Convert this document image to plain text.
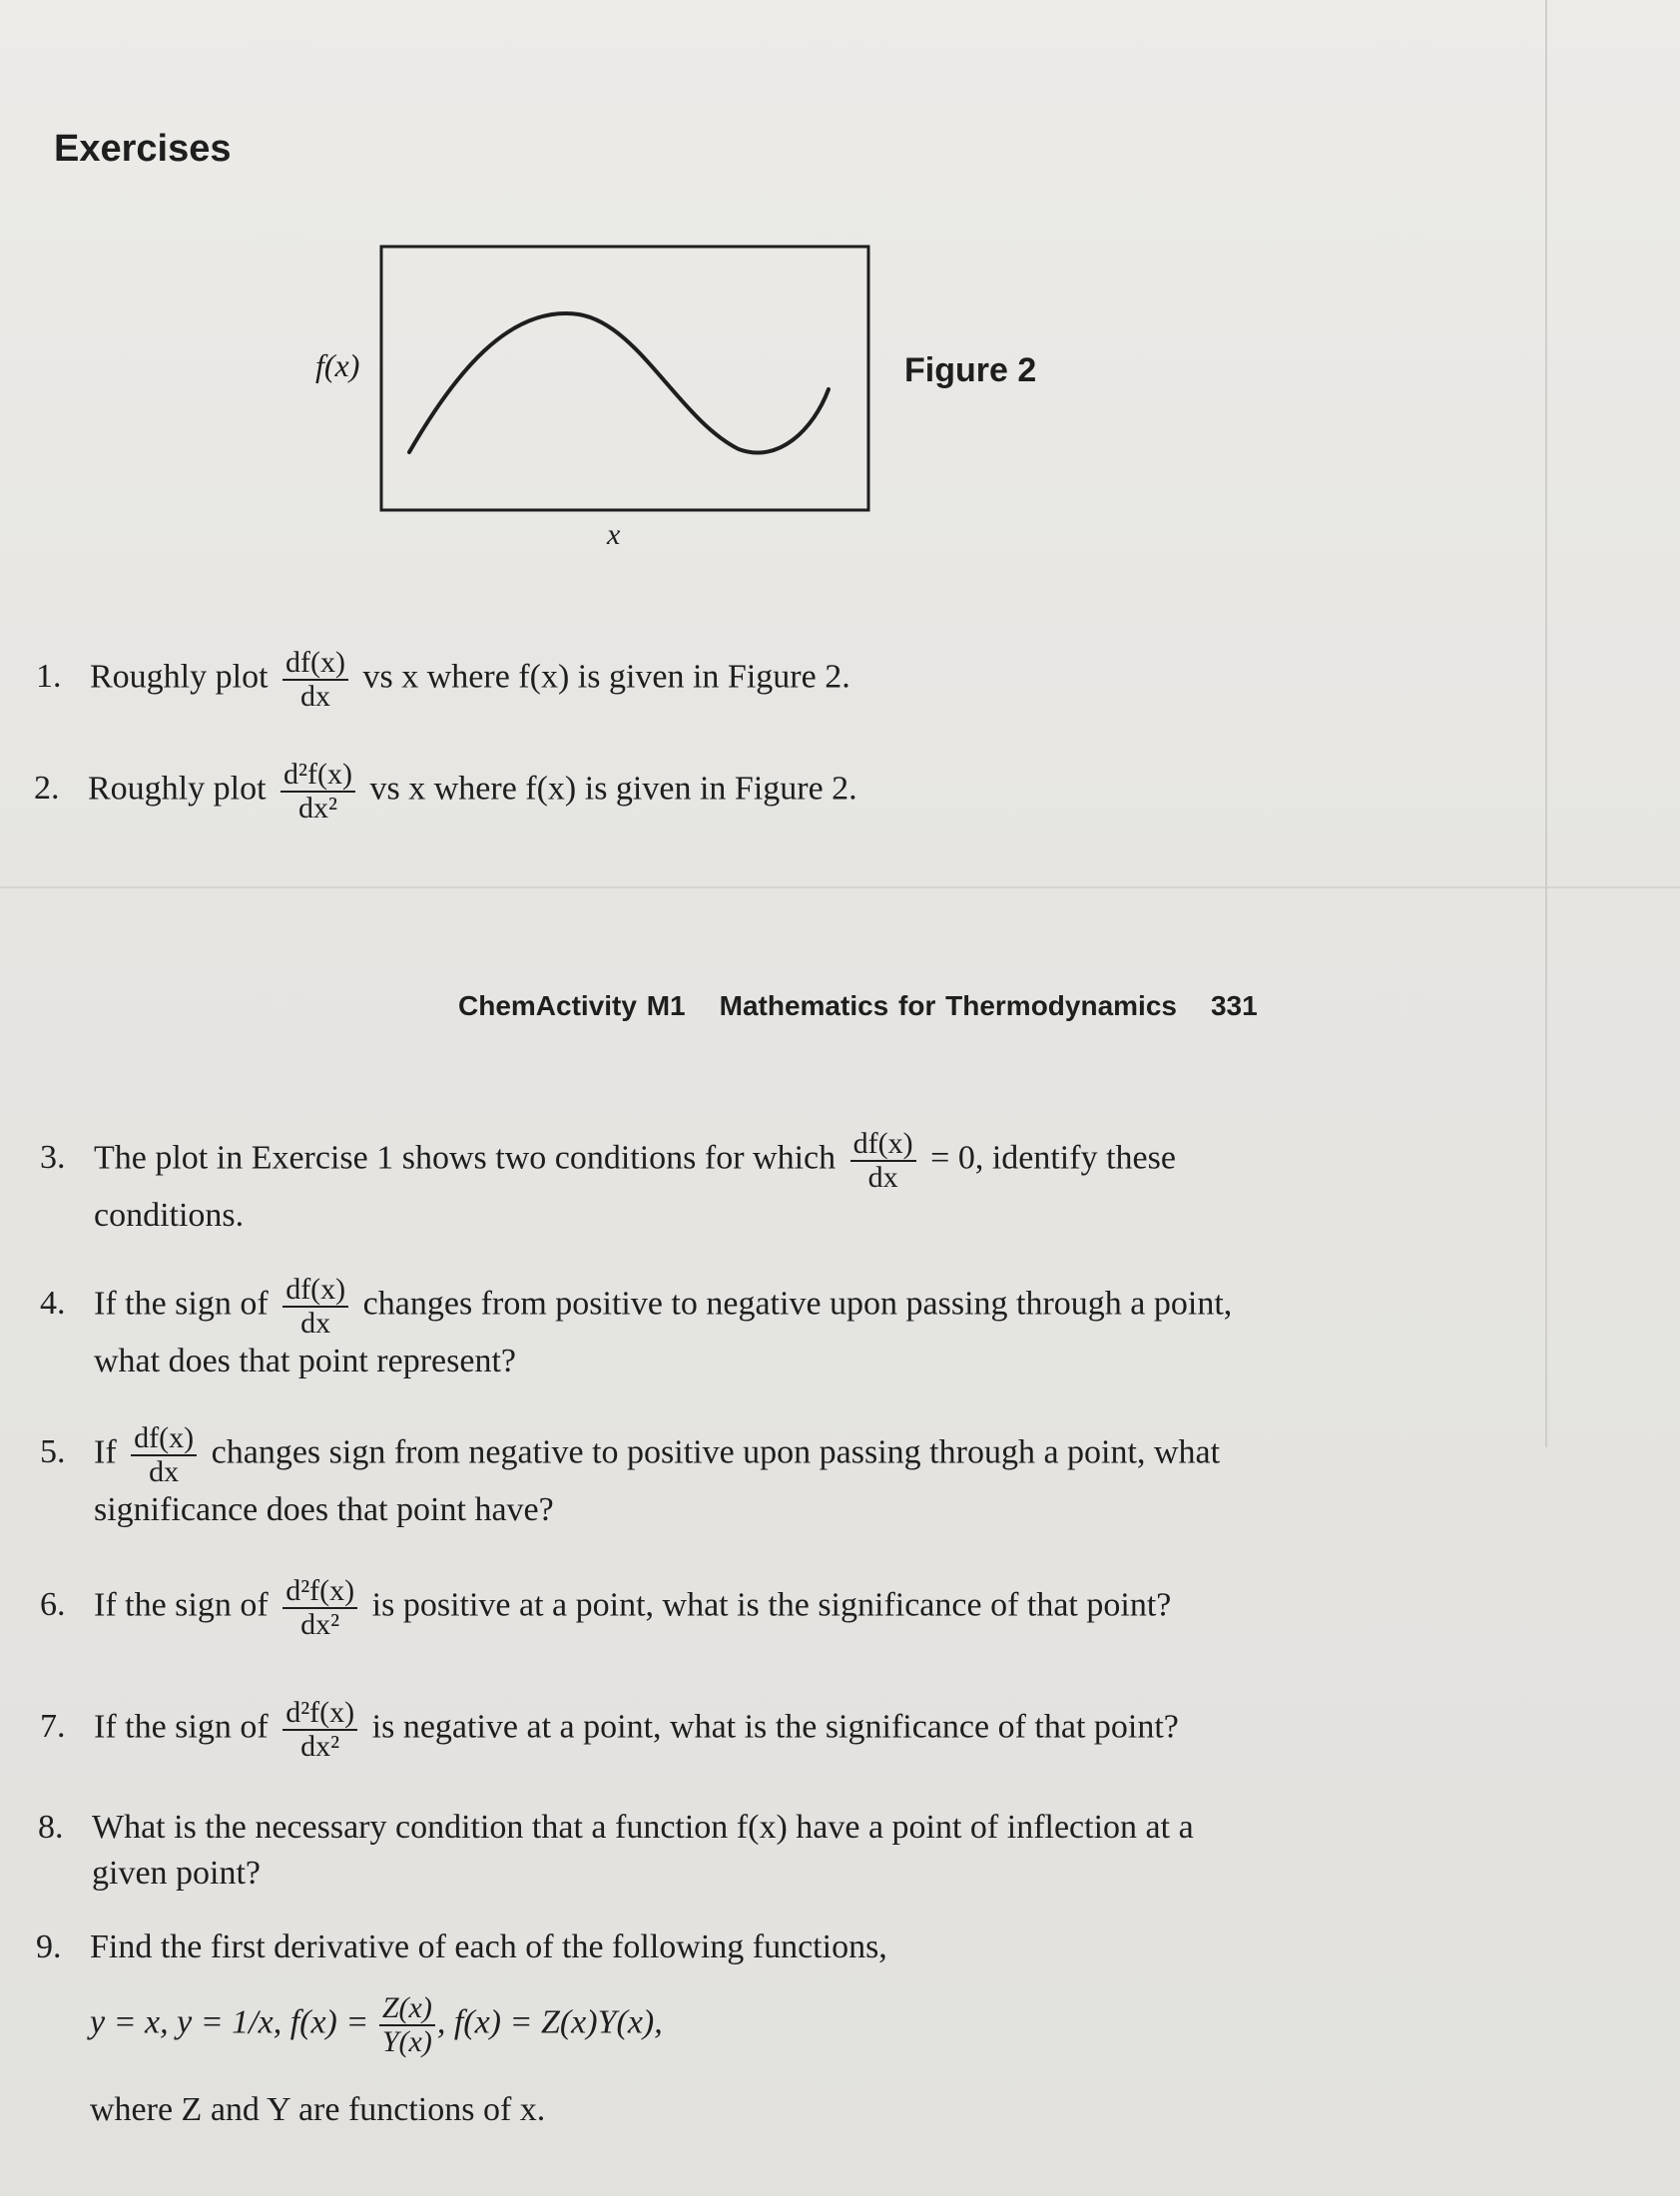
Exercises
f(x)
x
Figure 2
1. Roughly plot $\frac{df(x)}{dx}$ vs x where f(x) is given in Figure 2.
2. Roughly plot $\frac{\text{d²f(x)}}{\text{dx²}}$ vs x where f(x) is given in Figure 2.
ChemActivity M1 Mathematics for Thermodynamics 331
3. The plot in Exercise 1 shows two conditions for which $\frac{df(x)}{dx} = 0$, identify these
conditions.
4. If the sign of $\frac{df(x)}{dx}$ changes from positive to negative upon passing through a point,
what does that point represent?
5. If $\frac{df(x)}{dx}$ changes sign from negative to positive upon passing through a point, what
significance does that point have?
6. If the sign of $\frac{\text{d²f(x)}}{\text{dx²}}$ is positive at a point, what is the significance of that point?
7. If the sign of $\frac{\text{d²f(x)}}{\text{dx²}}$ is negative at a point, what is the significance of that point?
8. What is the necessary condition that a function f(x) have a point of inflection at a
given point?
9. Find the first derivative of each of the following functions,
y = x, y = 1/x, $f(x) = \frac{Z(x)}{Y(x)}$ , f(x) = Z(x)Y(x),
where Z and Y are functions of x.
